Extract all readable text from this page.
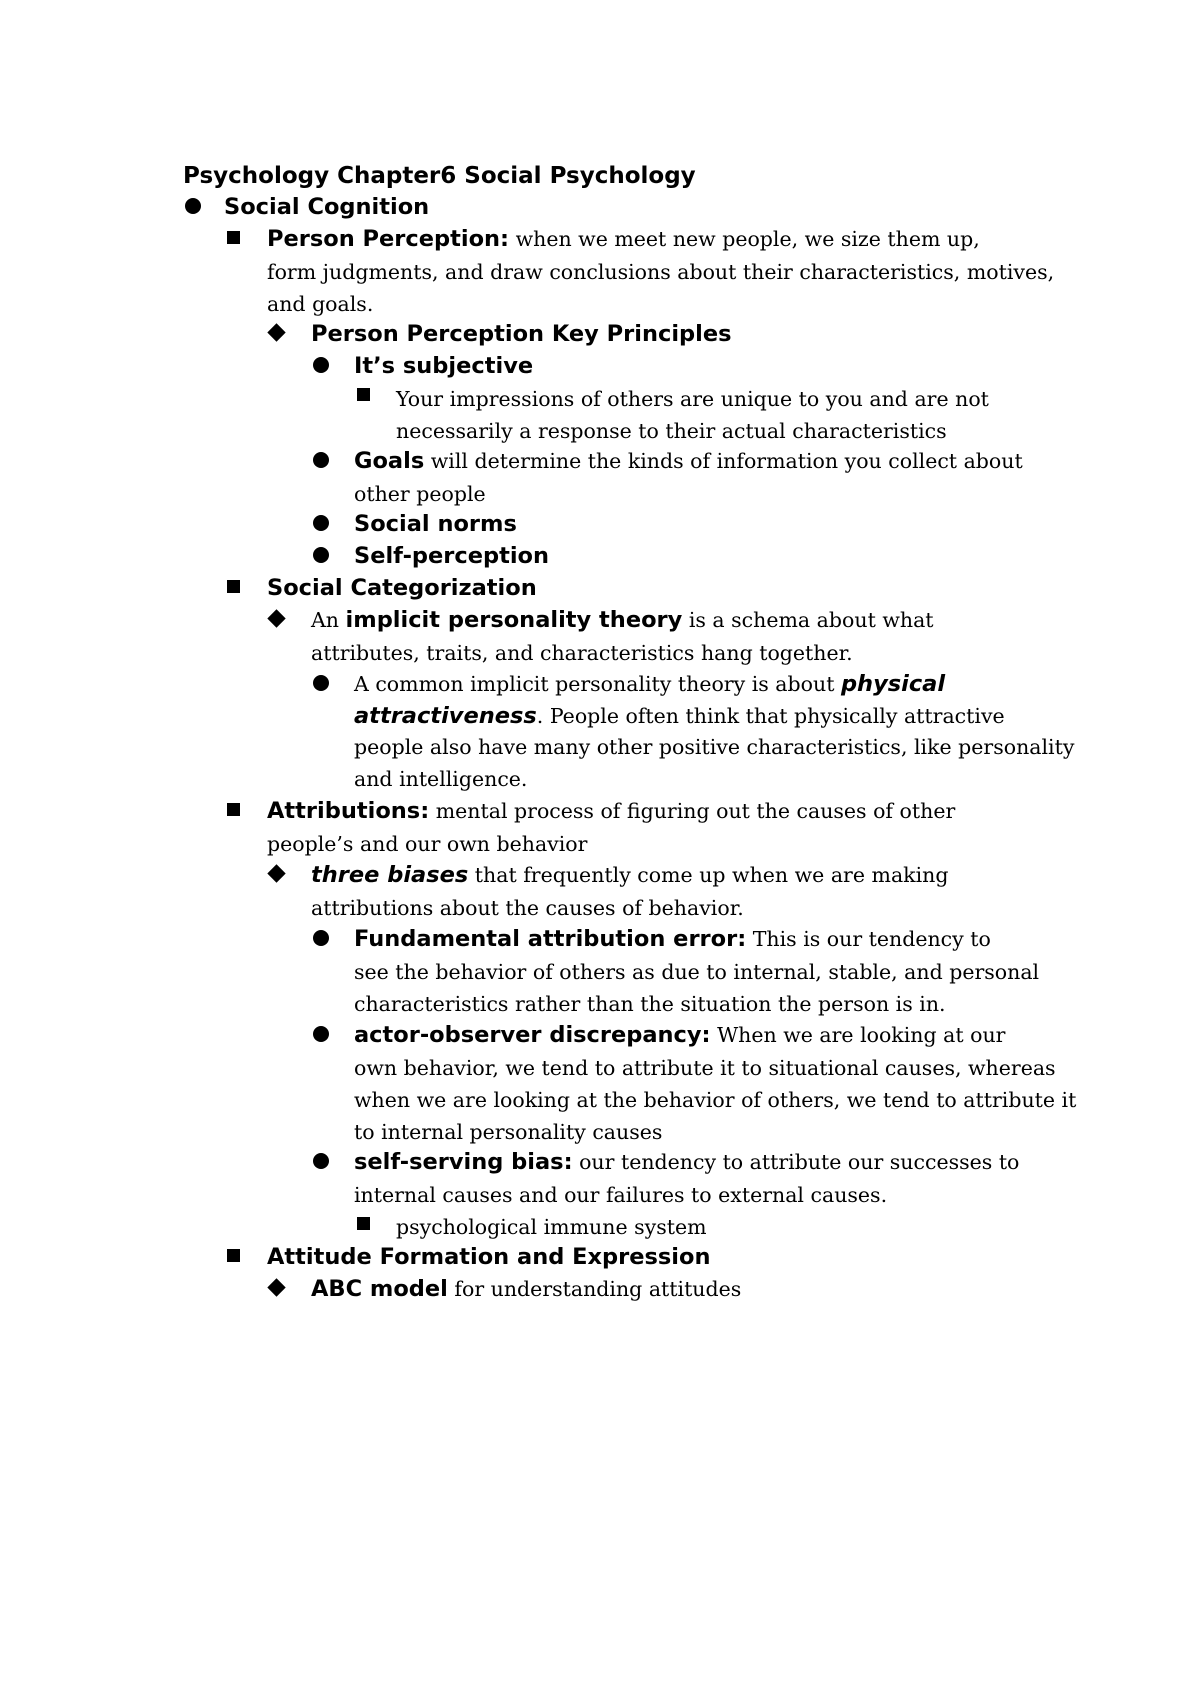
Psychology Chapter6 Social Psychology
Social Cognition
Person Perception: when we meet new people, we size them up,
form judgments, and draw conclusions about their characteristics, motives,
and goals.
Person Perception Key Principles
It’s subjective
Your impressions of others are unique to you and are not
necessarily a response to their actual characteristics
Goals will determine the kinds of information you collect about
other people
Social norms
Self-perception
Social Categorization
An implicit personality theory is a schema about what
attributes, traits, and characteristics hang together.
A common implicit personality theory is about physical
attractiveness. People often think that physically attractive
people also have many other positive characteristics, like personality
and intelligence.
Attributions: mental process of figuring out the causes of other
people’s and our own behavior
three biases that frequently come up when we are making
attributions about the causes of behavior.
Fundamental attribution error: This is our tendency to
see the behavior of others as due to internal, stable, and personal
characteristics rather than the situation the person is in.
actor-observer discrepancy: When we are looking at our
own behavior, we tend to attribute it to situational causes, whereas
when we are looking at the behavior of others, we tend to attribute it
to internal personality causes
self-serving bias: our tendency to attribute our successes to
internal causes and our failures to external causes.
psychological immune system
Attitude Formation and Expression
ABC model for understanding attitudes
